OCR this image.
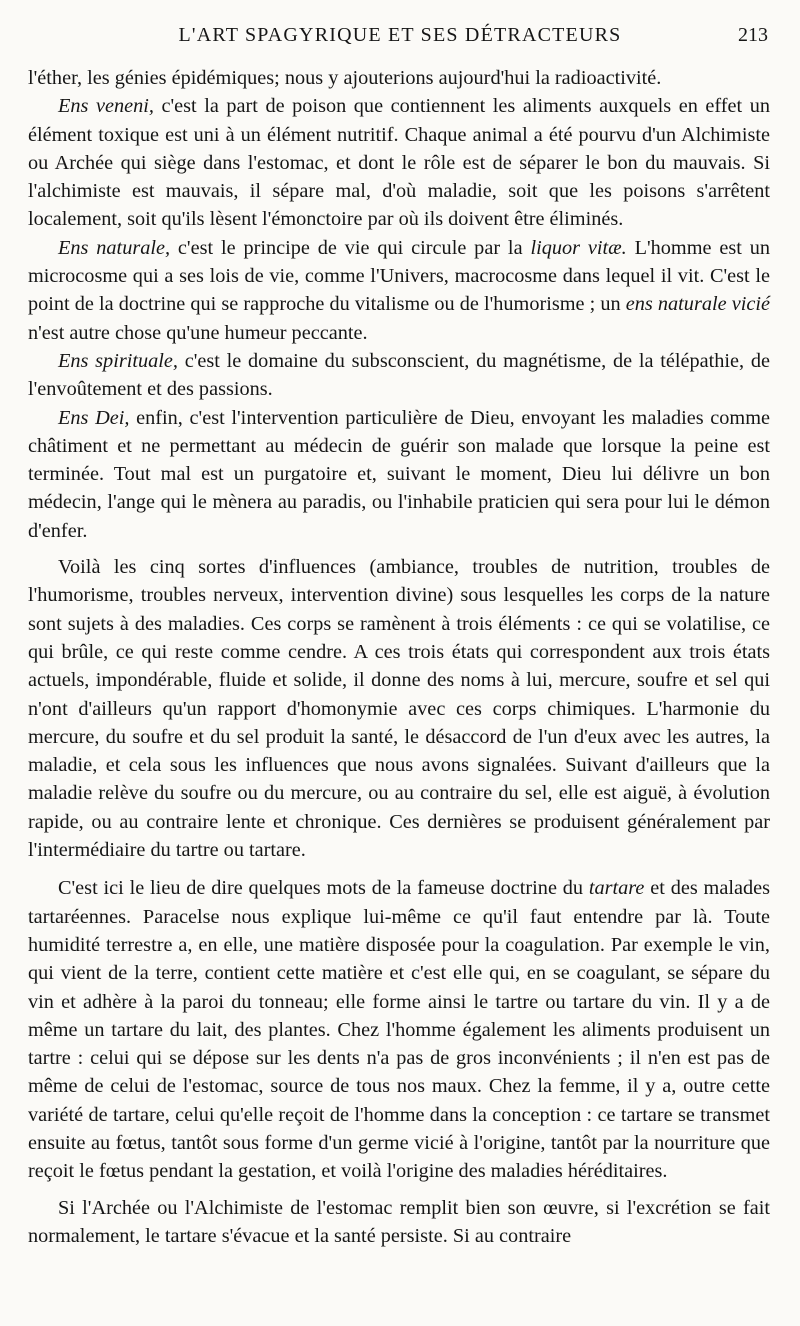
L'ART SPAGYRIQUE ET SES DÉTRACTEURS	213

l'éther, les génies épidémiques; nous y ajouterions aujourd'hui la radioactivité.

Ens veneni, c'est la part de poison que contiennent les aliments auxquels en effet un élément toxique est uni à un élément nutritif. Chaque animal a été pourvu d'un Alchimiste ou Archée qui siège dans l'estomac, et dont le rôle est de séparer le bon du mauvais. Si l'alchimiste est mauvais, il sépare mal, d'où maladie, soit que les poisons s'arrêtent localement, soit qu'ils lèsent l'émonctoire par où ils doivent être éliminés.

Ens naturale, c'est le principe de vie qui circule par la liquor vitæ. L'homme est un microcosme qui a ses lois de vie, comme l'Univers, macrocosme dans lequel il vit. C'est le point de la doctrine qui se rapproche du vitalisme ou de l'humorisme ; un ens naturale vicié n'est autre chose qu'une humeur peccante.

Ens spirituale, c'est le domaine du subsconscient, du magnétisme, de la télépathie, de l'envoûtement et des passions.

Ens Dei, enfin, c'est l'intervention particulière de Dieu, envoyant les maladies comme châtiment et ne permettant au médecin de guérir son malade que lorsque la peine est terminée. Tout mal est un purgatoire et, suivant le moment, Dieu lui délivre un bon médecin, l'ange qui le mènera au paradis, ou l'inhabile praticien qui sera pour lui le démon d'enfer.

Voilà les cinq sortes d'influences (ambiance, troubles de nutrition, troubles de l'humorisme, troubles nerveux, intervention divine) sous lesquelles les corps de la nature sont sujets à des maladies. Ces corps se ramènent à trois éléments : ce qui se volatilise, ce qui brûle, ce qui reste comme cendre. A ces trois états qui correspondent aux trois états actuels, impondérable, fluide et solide, il donne des noms à lui, mercure, soufre et sel qui n'ont d'ailleurs qu'un rapport d'homonymie avec ces corps chimiques. L'harmonie du mercure, du soufre et du sel produit la santé, le désaccord de l'un d'eux avec les autres, la maladie, et cela sous les influences que nous avons signalées. Suivant d'ailleurs que la maladie relève du soufre ou du mercure, ou au contraire du sel, elle est aiguë, à évolution rapide, ou au contraire lente et chronique. Ces dernières se produisent généralement par l'intermédiaire du tartre ou tartare.

C'est ici le lieu de dire quelques mots de la fameuse doctrine du tartare et des malades tartaréennes. Paracelse nous explique lui-même ce qu'il faut entendre par là. Toute humidité terrestre a, en elle, une matière disposée pour la coagulation. Par exemple le vin, qui vient de la terre, contient cette matière et c'est elle qui, en se coagulant, se sépare du vin et adhère à la paroi du tonneau; elle forme ainsi le tartre ou tartare du vin. Il y a de même un tartare du lait, des plantes. Chez l'homme également les aliments produisent un tartre : celui qui se dépose sur les dents n'a pas de gros inconvénients ; il n'en est pas de même de celui de l'estomac, source de tous nos maux. Chez la femme, il y a, outre cette variété de tartare, celui qu'elle reçoit de l'homme dans la conception : ce tartare se transmet ensuite au fœtus, tantôt sous forme d'un germe vicié à l'origine, tantôt par la nourriture que reçoit le fœtus pendant la gestation, et voilà l'origine des maladies héréditaires.

Si l'Archée ou l'Alchimiste de l'estomac remplit bien son œuvre, si l'excrétion se fait normalement, le tartare s'évacue et la santé persiste. Si au contraire
